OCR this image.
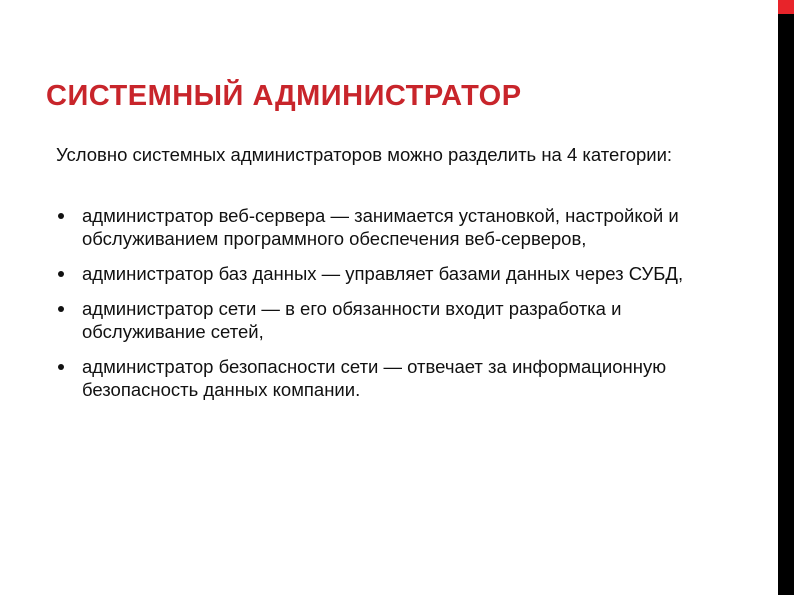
СИСТЕМНЫЙ АДМИНИСТРАТОР

Условно системных администраторов можно разделить на 4 категории:

администратор веб-сервера — занимается установкой, настройкой и обслуживанием программного обеспечения веб-серверов,
администратор баз данных — управляет базами данных через СУБД,
администратор сети — в его обязанности входит разработка и обслуживание сетей,
администратор безопасности сети — отвечает за информационную безопасность данных компании.
